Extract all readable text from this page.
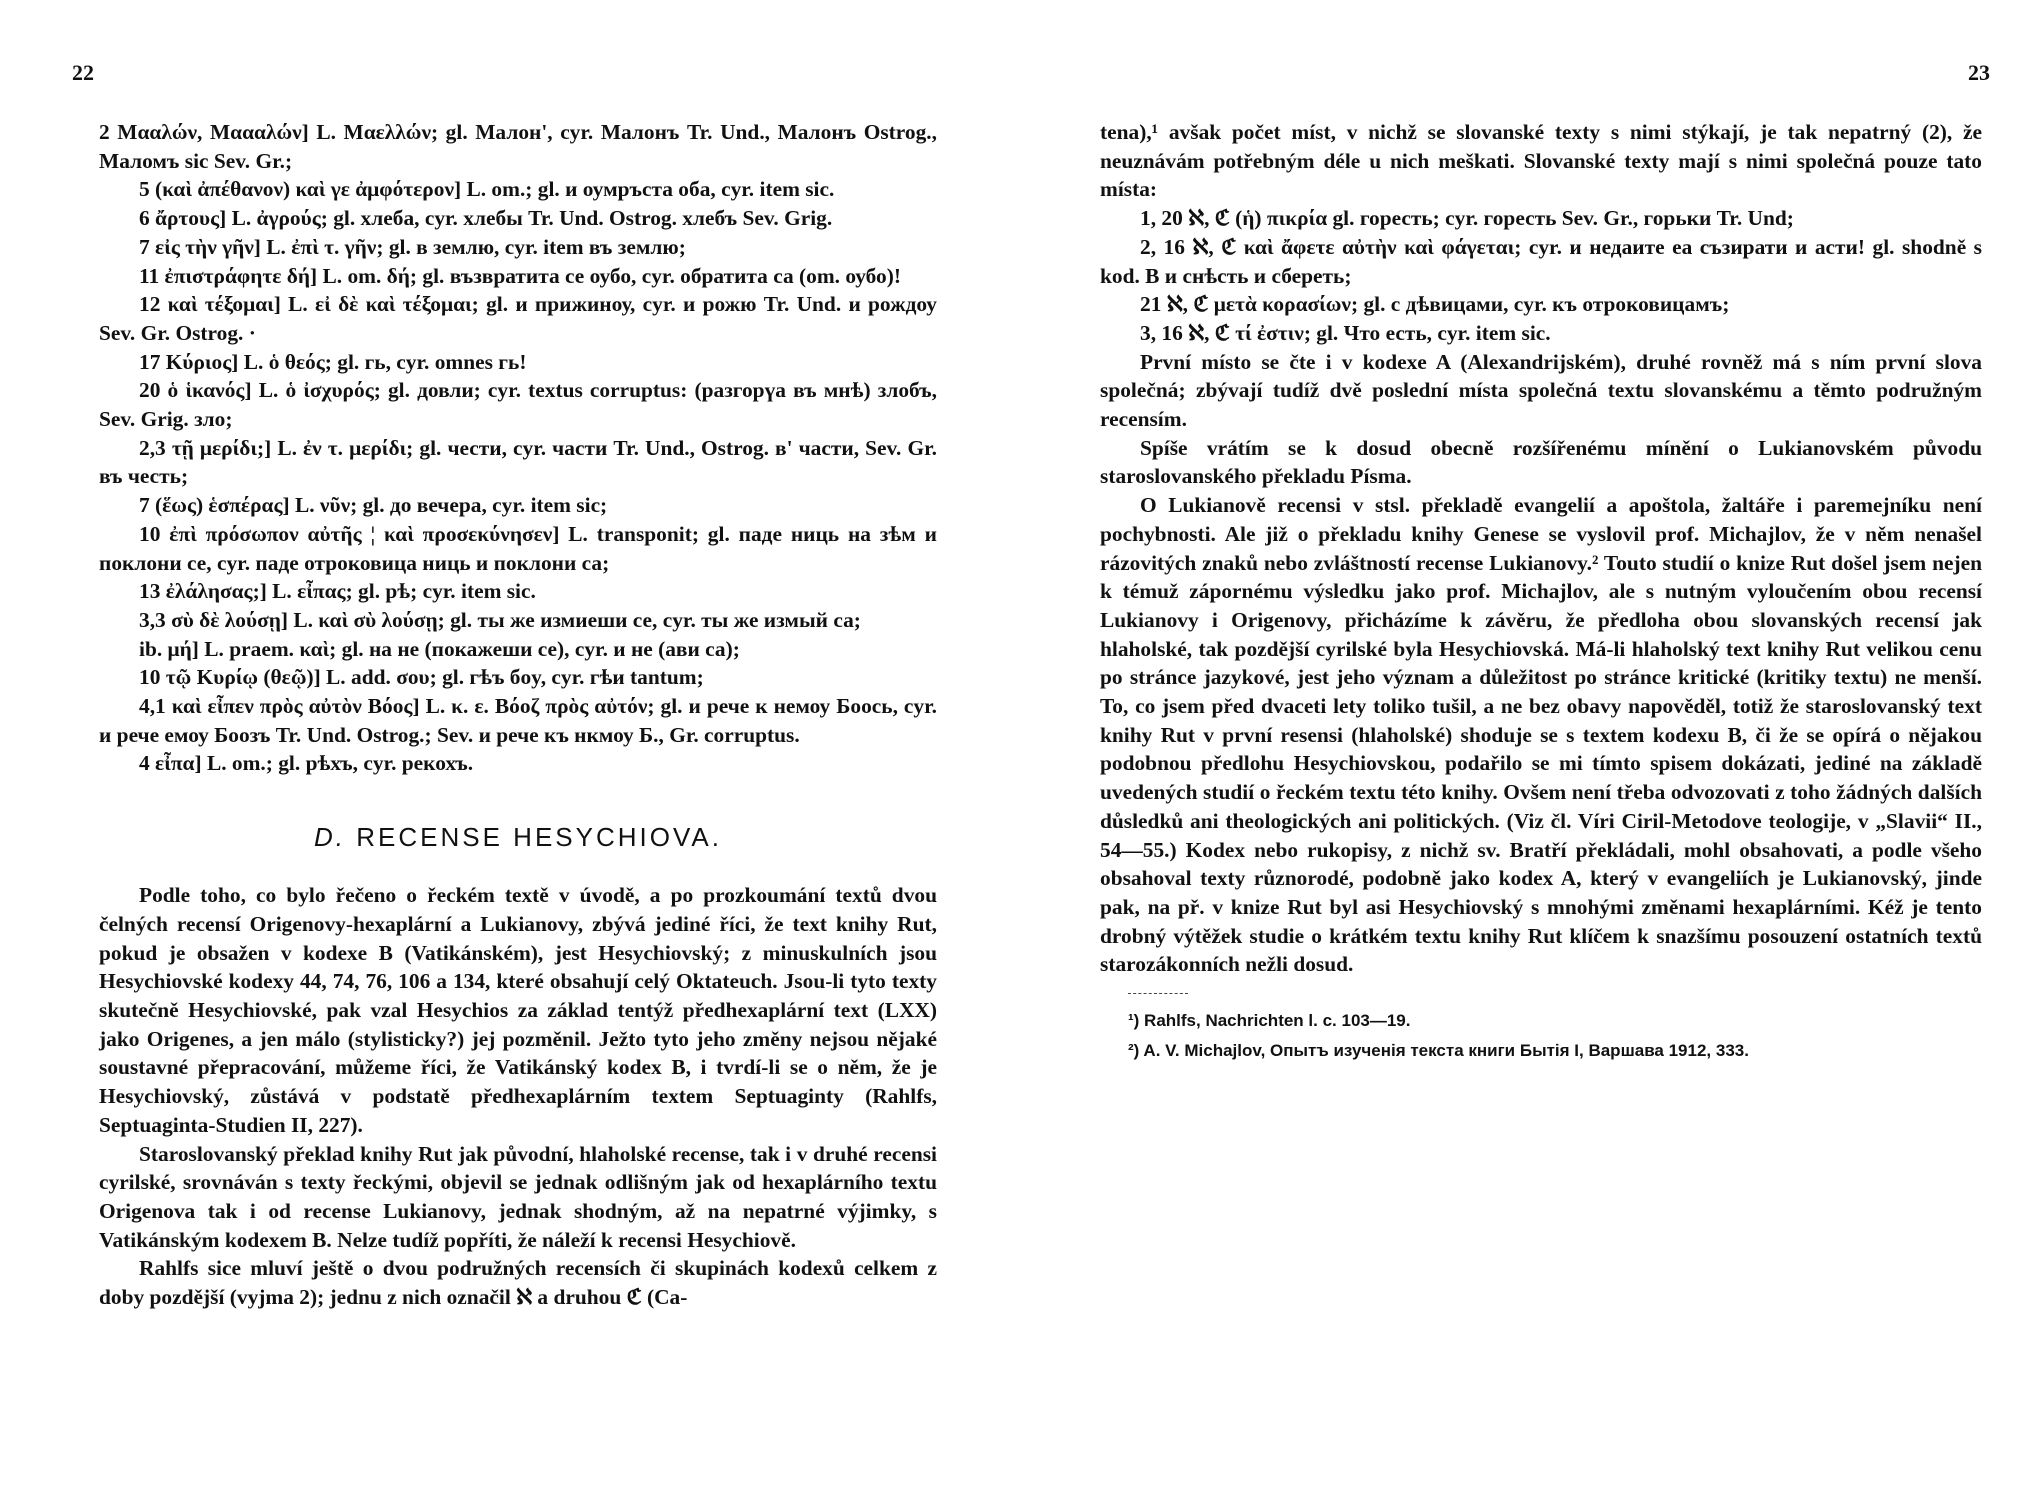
22

2 Μααλών, Μαααλών] L. Μαελλών; gl. Малон', cyr. Малонъ Tr. Und., Малонъ Ostrog., Маломъ sic Sev. Gr.;

5 (καὶ ἀπέθανον) καὶ γε ἀμφότερον] L. om.; gl. и оумръста оба, cyr. item sic.

6 ἄρτους] L. ἀγρούς; gl. хлеба, cyr. хлебы Tr. Und. Ostrog. хлебъ Sev. Grig.

7 εἰς τὴν γῆν] L. ἐπὶ τ. γῆν; gl. в землю, cyr. item въ землю;

11 ἐπιστράφητε δή] L. om. δή; gl. възвратита се оубо, cyr. обратита са (om. оубо)!

12 καὶ τέξομαι] L. εἰ δὲ καὶ τέξομαι; gl. и прижиноу, cyr. и рожю Tr. Und. и рождоу Sev. Gr. Ostrog. ·

17 Κύριος] L. ὁ θεός; gl. гь, cyr. omnes гь!

20 ὁ ἱκανός] L. ὁ ἰσχυρός; gl. довли; cyr. textus corruptus: (разгорүа въ мнѣ) злобъ, Sev. Grig. зло;

2,3 τῇ μερίδι;] L. ἐν τ. μερίδι; gl. чести, cyr. части Tr. Und., Ostrog. в' части, Sev. Gr. въ честь;

7 (ἕως) ἑσπέρας] L. νῦν; gl. до вечера, cyr. item sic;

10 ἐπὶ πρόσωπον αὐτῆς ¦ καὶ προσεκύνησεν] L. transponit; gl. паде ниць на зѣм и поклони се, cyr. паде отроковица ниць и поклони са;

13 ἐλάλησας;] L. εἶπας; gl. рѣ; cyr. item sic.

3,3 σὺ δὲ λούσῃ] L. καὶ σὺ λούσῃ; gl. ты же измиеши се, cyr. ты же измый са;

ib. μή] L. praem. καὶ; gl. на не (покажеши се), cyr. и не (ави са);

10 τῷ Κυρίῳ (θεῷ)] L. add. σου; gl. гѣъ бoy, cyr. гѣи tantum;

4,1 καὶ εἶπεν πρὸς αὐτὸν Βόος] L. κ. ε. Βόοζ πρὸς αὐτόν; gl. и рече к немоу Боось, cyr. и рече емоу Боозъ Tr. Und. Ostrog.; Sev. и рече къ нкмоу Б., Gr. corruptus.

4 εἶπα] L. om.; gl. рѣхъ, cyr. рекохъ.

D. RECENSE HESYCHIOVA.

Podle toho, co bylo řečeno o řeckém textě v úvodě, a po prozkoumání textů dvou čelných recensí Origenovy-hexaplární a Lukianovy, zbývá jediné říci, že text knihy Rut, pokud je obsažen v kodexe B (Vatikánském), jest Hesychiovský; z minuskulních jsou Hesychiovské kodexy 44, 74, 76, 106 a 134, které obsahují celý Oktateuch. Jsou-li tyto texty skutečně Hesychiovské, pak vzal Hesychios za základ tentýž předhexaplární text (LXX) jako Origenes, a jen málo (stylisticky?) jej pozměnil. Ježto tyto jeho změny nejsou nějaké soustavné přepracování, můžeme říci, že Vatikánský kodex B, i tvrdí-li se o něm, že je Hesychiovský, zůstává v podstatě předhexaplárním textem Septuaginty (Rahlfs, Septuaginta-Studien II, 227).

Staroslovanský překlad knihy Rut jak původní, hlaholské recense, tak i v druhé recensi cyrilské, srovnáván s texty řeckými, objevil se jednak odlišným jak od hexaplárního textu Origenova tak i od recense Lukianovy, jednak shodným, až na nepatrné výjimky, s Vatikánským kodexem B. Nelze tudíž popříti, že náleží k recensi Hesychiově.

Rahlfs sice mluví ještě o dvou podružných recensích či skupinách kodexů celkem z doby pozdější (vyjma 2); jednu z nich označil ℵ a druhou ℭ (Ca-

23

tena),¹ avšak počet míst, v nichž se slovanské texty s nimi stýkají, je tak nepatrný (2), že neuznávám potřebným déle u nich meškati. Slovanské texty mají s nimi společná pouze tato místa:

1, 20 ℵ, ℭ (ἡ) πικρία gl. горесть; cyr. горесть Sev. Gr., горьки Tr. Und;

2, 16 ℵ, ℭ καὶ ἄφετε αὐτὴν καὶ φάγεται; cyr. и недаите еа съзирати и асти! gl. shodně s kod. B и снѣсть и сбереть;

21 ℵ, ℭ μετὰ κορασίων; gl. с дѣвицами, cyr. къ отроковицамъ;

3, 16 ℵ, ℭ τί ἐστιν; gl. Что есть, cyr. item sic.

První místo se čte i v kodexe A (Alexandrijském), druhé rovněž má s ním první slova společná; zbývají tudíž dvě poslední místa společná textu slovanskému a těmto podružným recensím.

Spíše vrátím se k dosud obecně rozšířenému mínění o Lukianovském původu staroslovanského překladu Písma.

O Lukianově recensi v stsl. překladě evangelií a apoštola, žaltáře i paremejníku není pochybnosti. Ale již o překladu knihy Genese se vyslovil prof. Michajlov, že v něm nenašel rázovitých znaků nebo zvláštností recense Lukianovy.² Touto studií o knize Rut došel jsem nejen k témuž zápornému výsledku jako prof. Michajlov, ale s nutným vyloučením obou recensí Lukianovy i Origenovy, přicházíme k závěru, že předloha obou slovanských recensí jak hlaholské, tak pozdější cyrilské byla Hesychiovská. Má-li hlaholský text knihy Rut velikou cenu po stránce jazykové, jest jeho význam a důležitost po stránce kritické (kritiky textu) ne menší. To, co jsem před dvaceti lety toliko tušil, a ne bez obavy napověděl, totiž že staroslovanský text knihy Rut v první resensi (hlaholské) shoduje se s textem kodexu B, či že se opírá o nějakou podobnou předlohu Hesychiovskou, podařilo se mi tímto spisem dokázati, jediné na základě uvedených studií o řeckém textu této knihy. Ovšem není třeba odvozovati z toho žádných dalších důsledků ani theologických ani politických. (Viz čl. Víri Ciril-Metodove teologije, v „Slavii“ II., 54—55.) Kodex nebo rukopisy, z nichž sv. Bratří překládali, mohl obsahovati, a podle všeho obsahoval texty různorodé, podobně jako kodex A, který v evangeliích je Lukianovský, jinde pak, na př. v knize Rut byl asi Hesychiovský s mnohými změnami hexaplárními. Kéž je tento drobný výtěžek studie o krátkém textu knihy Rut klíčem k snazšímu posouzení ostatních textů starozákonních nežli dosud.

¹) Rahlfs, Nachrichten l. c. 103—19.

²) A. V. Michajlov, Опытъ изученія текста книги Бытія I, Варшава 1912, 333.
